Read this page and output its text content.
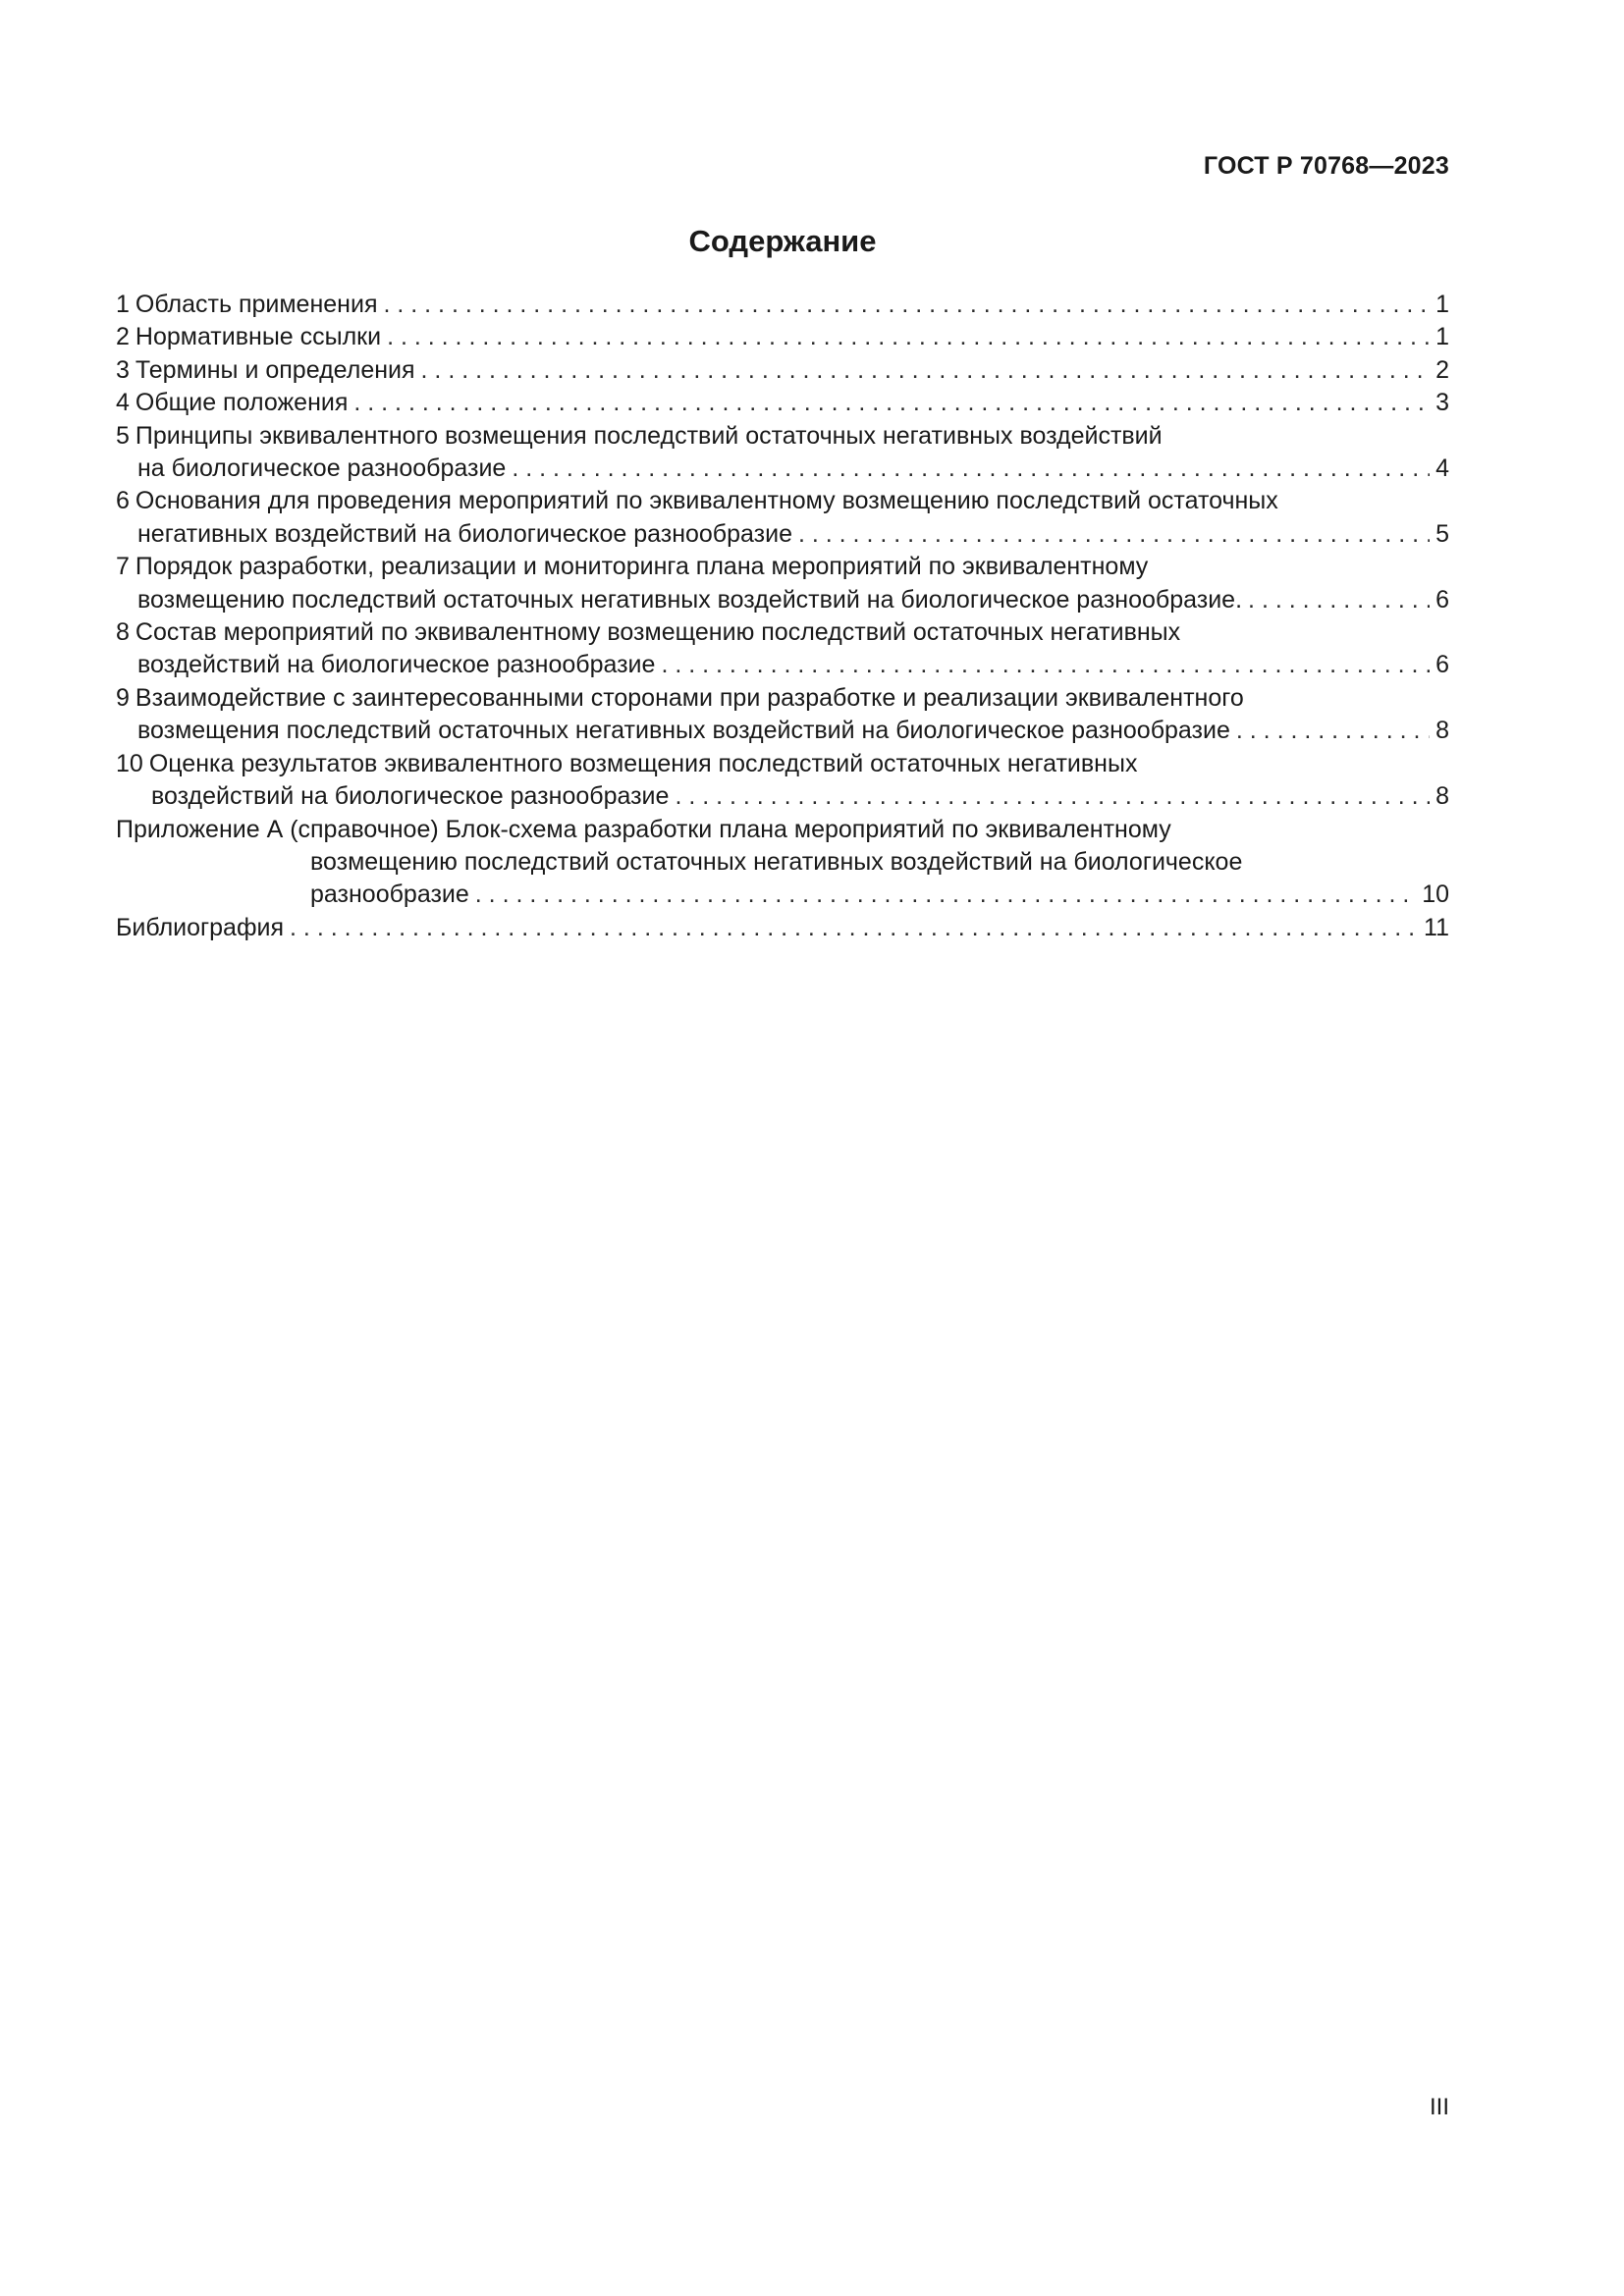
ГОСТ Р 70768—2023
Содержание
1 Область применения . . .	1
2 Нормативные ссылки . . .	1
3 Термины и определения . . .	2
4 Общие положения . . .	3
5 Принципы эквивалентного возмещения последствий остаточных негативных воздействий
на биологическое разнообразие . . .	4
6 Основания для проведения мероприятий по эквивалентному возмещению последствий остаточных
негативных воздействий на биологическое разнообразие . . .	5
7 Порядок разработки, реализации и мониторинга плана мероприятий по эквивалентному
возмещению последствий остаточных негативных воздействий на биологическое разнообразие. . . .	6
8 Состав мероприятий по эквивалентному возмещению последствий остаточных негативных
воздействий на биологическое разнообразие . . .	6
9 Взаимодействие с заинтересованными сторонами при разработке и реализации эквивалентного
возмещения последствий остаточных негативных воздействий на биологическое разнообразие . . .	8
10 Оценка результатов эквивалентного возмещения последствий остаточных негативных
воздействий на биологическое разнообразие . . .	8
Приложение А (справочное) Блок-схема разработки плана мероприятий по эквивалентному
возмещению последствий остаточных негативных воздействий на биологическое
разнообразие . . .	10
Библиография . . .	11
III
